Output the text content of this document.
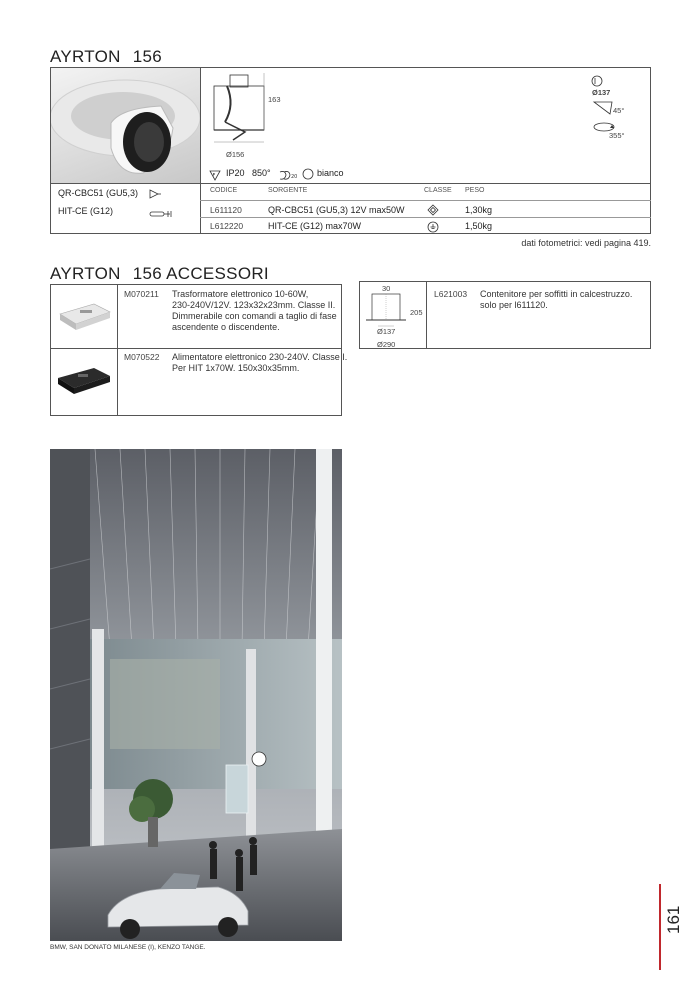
AYRTON 156
163
Ø156
Ø137
45°
355°
F IP20 850°	20 bianco
QR-CBC51 (GU5,3)
HIT-CE (G12)
CODICE	SORGENTE	CLASSE PESO
L611120	QR-CBC51 (GU5,3) 12V max50W	1,30kg
L612220	HIT-CE (G12) max70W	1,50kg
dati fotometrici: vedi pagina 419.
AYRTON 156 ACCESSORI
M070211 Trasformatore elettronico 10-60W,
230-240V/12V. 123x32x23mm. Classe II.
Dimmerabile con comandi a taglio di fase
ascendente o discendente.
M070522 Alimentatore elettronico 230-240V. Classe I.
Per HIT 1x70W. 150x30x35mm.
30
205
Ø137
Ø290
L621003 Contenitore per soffitti in calcestruzzo.
solo per l611120.
BMW, SAN DONATO MILANESE (I), KENZO TANGE.
161
